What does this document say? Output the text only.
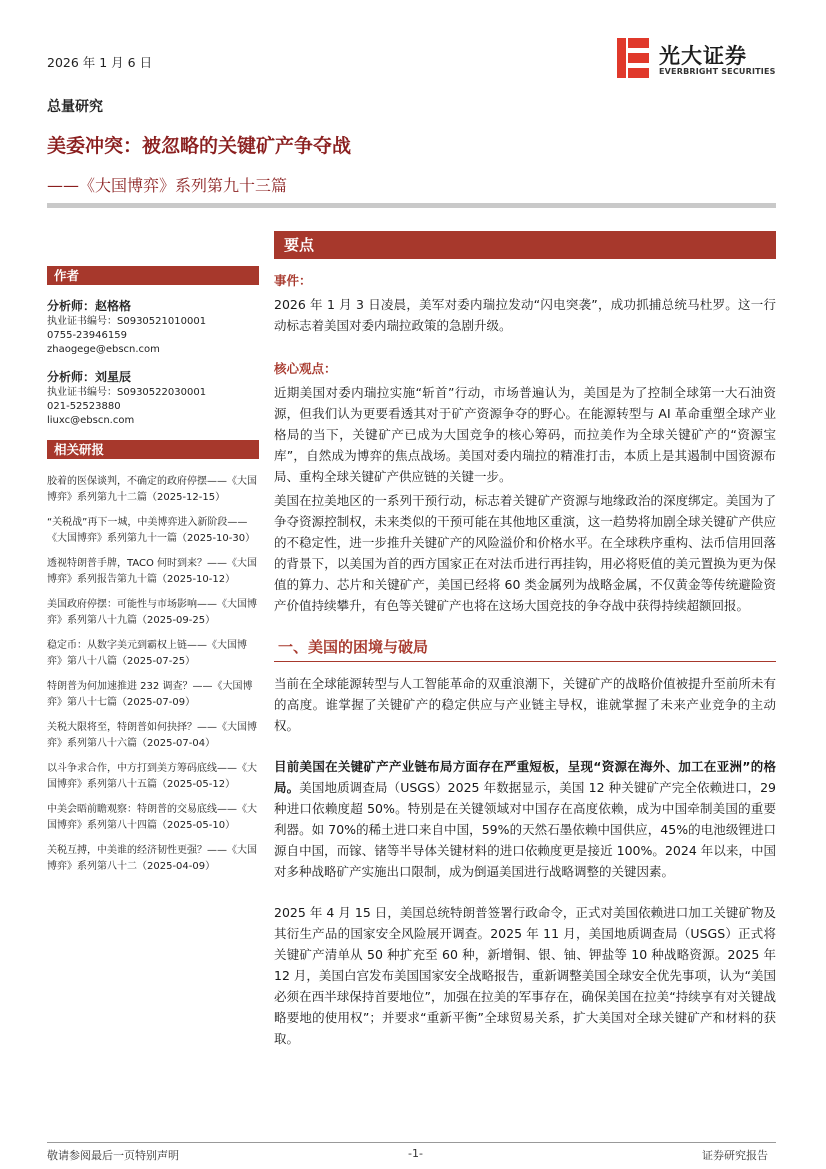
2026 年 1 月 6 日	光大证券
EVERBRIGHT SECURITIES
总量研究
美委冲突：被忽略的关键矿产争夺战
——《大国博弈》系列第九十三篇
作者
分析师：赵格格
执业证书编号：S0930521010001
0755-23946159
zhaogege@ebscn.com
分析师：刘星辰
执业证书编号：S0930522030001
021-52523880
liuxc@ebscn.com
相关研报
胶着的医保谈判，不确定的政府停摆——《大国博弈》系列第九十二篇（2025-12-15）
“关税战”再下一城，中美博弈进入新阶段——《大国博弈》系列第九十一篇（2025-10-30）
透视特朗普手牌，TACO 何时到来？——《大国博弈》系列报告第九十篇（2025-10-12）
美国政府停摆：可能性与市场影响——《大国博弈》系列第八十九篇（2025-09-25）
稳定币：从数字美元到霸权上链——《大国博弈》第八十八篇（2025-07-25）
特朗普为何加速推进 232 调查？——《大国博弈》第八十七篇（2025-07-09）
关税大限将至，特朗普如何抉择？——《大国博弈》系列第八十六篇（2025-07-04）
以斗争求合作，中方打到美方筹码底线——《大国博弈》系列第八十五篇（2025-05-12）
中美会晤前瞻观察：特朗普的交易底线——《大国博弈》系列第八十四篇（2025-05-10）
关税互搏，中美谁的经济韧性更强？——《大国博弈》系列第八十二（2025-04-09）
要点
事件：
2026 年 1 月 3 日凌晨，美军对委内瑞拉发动“闪电突袭”，成功抓捕总统马杜罗。这一行动标志着美国对委内瑞拉政策的急剧升级。
核心观点：
近期美国对委内瑞拉实施“斩首”行动，市场普遍认为，美国是为了控制全球第一大石油资源，但我们认为更要看透其对于矿产资源争夺的野心。在能源转型与 AI 革命重塑全球产业格局的当下，关键矿产已成为大国竞争的核心筹码，而拉美作为全球关键矿产的“资源宝库”，自然成为博弈的焦点战场。美国对委内瑞拉的精准打击，本质上是其遏制中国资源布局、重构全球关键矿产供应链的关键一步。
美国在拉美地区的一系列干预行动，标志着关键矿产资源与地缘政治的深度绑定。美国为了争夺资源控制权，未来类似的干预可能在其他地区重演，这一趋势将加剧全球关键矿产供应的不稳定性，进一步推升关键矿产的风险溢价和价格水平。在全球秩序重构、法币信用回落的背景下，以美国为首的西方国家正在对法币进行再挂钩，用必将贬值的美元置换为更为保值的算力、芯片和关键矿产，美国已经将 60 类金属列为战略金属，不仅黄金等传统避险资产价值持续攀升，有色等关键矿产也将在这场大国竞技的争夺战中获得持续超额回报。
一、美国的困境与破局
当前在全球能源转型与人工智能革命的双重浪潮下，关键矿产的战略价值被提升至前所未有的高度。谁掌握了关键矿产的稳定供应与产业链主导权，谁就掌握了未来产业竞争的主动权。
目前美国在关键矿产产业链布局方面存在严重短板，呈现“资源在海外、加工在亚洲”的格局。美国地质调查局（USGS）2025 年数据显示，美国 12 种关键矿产完全依赖进口，29 种进口依赖度超 50%。特别是在关键领域对中国存在高度依赖，成为中国牵制美国的重要利器。如 70%的稀土进口来自中国，59%的天然石墨依赖中国供应，45%的电池级锂进口源自中国，而镓、锗等半导体关键材料的进口依赖度更是接近 100%。2024 年以来，中国对多种战略矿产实施出口限制，成为倒逼美国进行战略调整的关键因素。
2025 年 4 月 15 日，美国总统特朗普签署行政命令，正式对美国依赖进口加工关键矿物及其衍生产品的国家安全风险展开调查。2025 年 11 月，美国地质调查局（USGS）正式将关键矿产清单从 50 种扩充至 60 种，新增铜、银、铀、钾盐等 10 种战略资源。2025 年 12 月，美国白宫发布美国国家安全战略报告，重新调整美国全球安全优先事项，认为“美国必须在西半球保持首要地位”，加强在拉美的军事存在，确保美国在拉美“持续享有对关键战略要地的使用权”；并要求“重新平衡”全球贸易关系，扩大美国对全球关键矿产和材料的获取。
敬请参阅最后一页特别声明	-1-	证券研究报告
